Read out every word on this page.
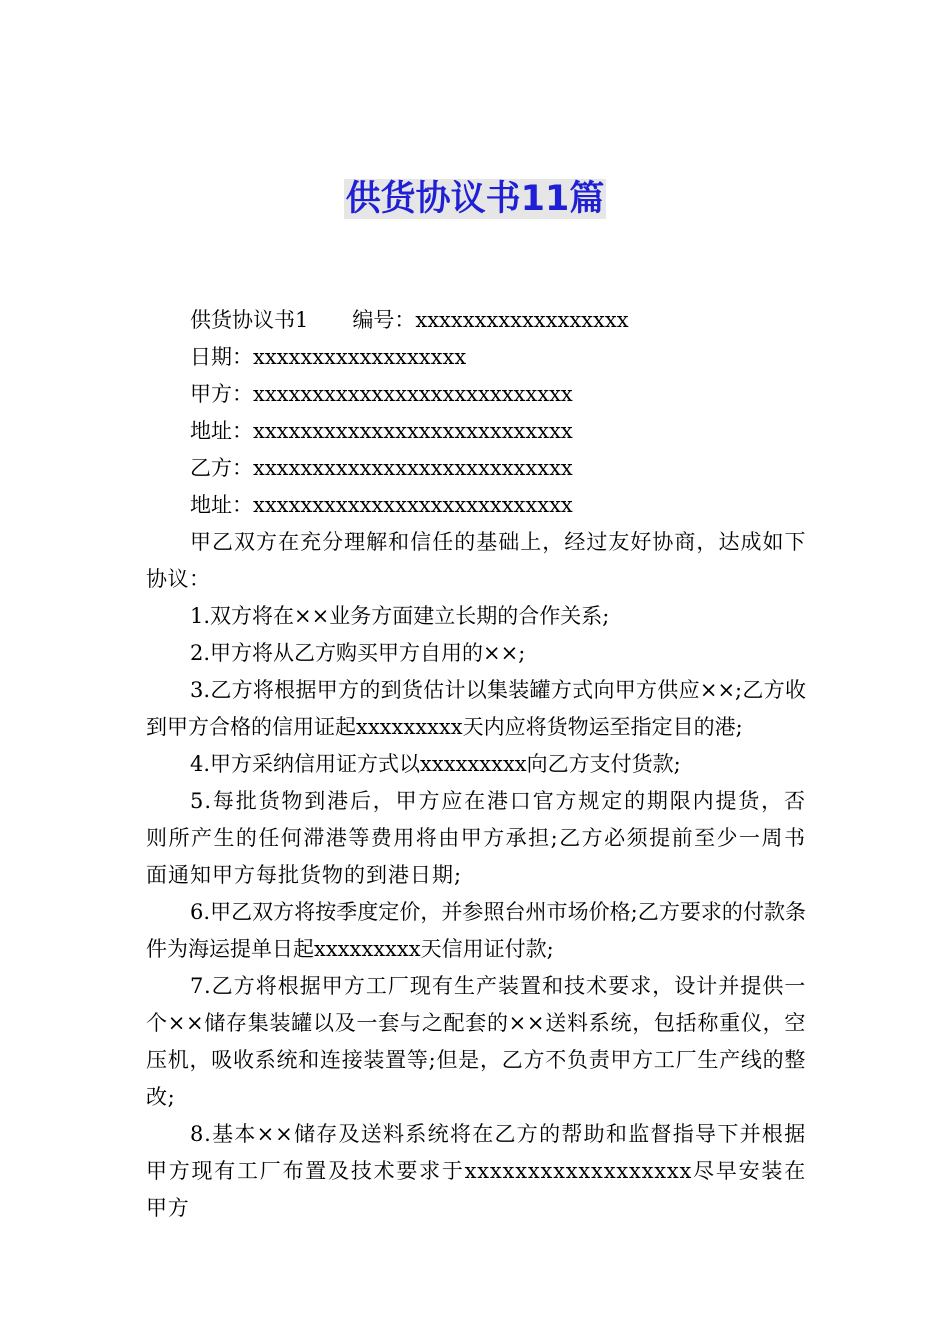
供货协议书11篇

供货协议书1 编号：xxxxxxxxxxxxxxxxxx

日期：xxxxxxxxxxxxxxxxxx

甲方：xxxxxxxxxxxxxxxxxxxxxxxxxxx

地址：xxxxxxxxxxxxxxxxxxxxxxxxxxx

乙方：xxxxxxxxxxxxxxxxxxxxxxxxxxx

地址：xxxxxxxxxxxxxxxxxxxxxxxxxxx

甲乙双方在充分理解和信任的基础上，经过友好协商，达成如下协议：

1.双方将在××业务方面建立长期的合作关系;

2.甲方将从乙方购买甲方自用的××;

3.乙方将根据甲方的到货估计以集装罐方式向甲方供应××;乙方收到甲方合格的信用证起xxxxxxxxx天内应将货物运至指定目的港;

4.甲方采纳信用证方式以xxxxxxxxx向乙方支付货款;

5.每批货物到港后，甲方应在港口官方规定的期限内提货，否则所产生的任何滞港等费用将由甲方承担;乙方必须提前至少一周书面通知甲方每批货物的到港日期;

6.甲乙双方将按季度定价，并参照台州市场价格;乙方要求的付款条件为海运提单日起xxxxxxxxx天信用证付款;

7.乙方将根据甲方工厂现有生产装置和技术要求，设计并提供一个××储存集装罐以及一套与之配套的××送料系统，包括称重仪，空压机，吸收系统和连接装置等;但是，乙方不负责甲方工厂生产线的整改;

8.基本××储存及送料系统将在乙方的帮助和监督指导下并根据甲方现有工厂布置及技术要求于xxxxxxxxxxxxxxxxxx尽早安装在甲方
